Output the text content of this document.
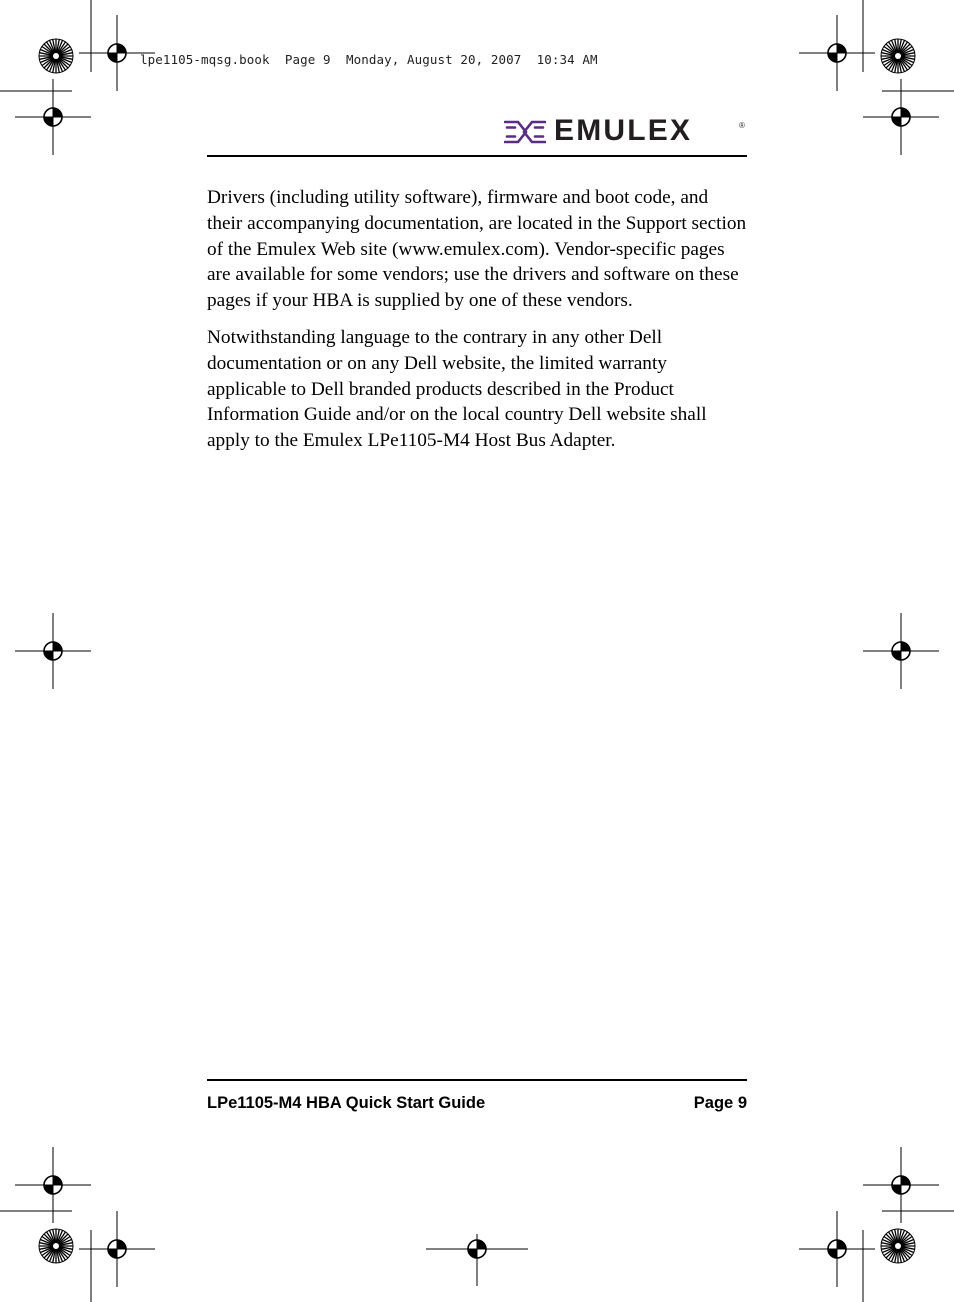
lpe1105-mqsg.book Page 9 Monday, August 20, 2007 10:34 AM
EMULEX	®

Drivers (including utility software), firmware and boot code, and their accompanying documentation, are located in the Support section of the Emulex Web site (www.emulex.com). Vendor-specific pages are available for some vendors; use the drivers and software on these pages if your HBA is supplied by one of these vendors.

Notwithstanding language to the contrary in any other Dell documentation or on any Dell website, the limited warranty applicable to Dell branded products described in the Product Information Guide and/or on the local country Dell website shall apply to the Emulex LPe1105-M4 Host Bus Adapter.

LPe1105-M4 HBA Quick Start Guide	Page 9
